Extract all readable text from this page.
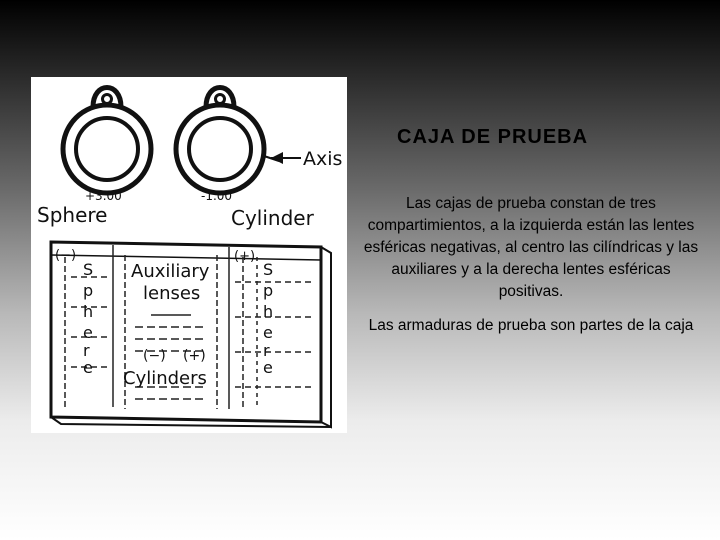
Axis
+3.00	-1.00
Sphere	Cylinder
(−)	(+)
S
p
h
e
r
e
S
p
h
e
r
e
Auxiliary
lenses
(−) (+)
Cylinders
CAJA DE PRUEBA
Las cajas de prueba constan de tres compartimientos, a la izquierda están las lentes esféricas negativas, al centro las cilíndricas y las auxiliares y a la derecha lentes esféricas positivas.
Las armaduras de prueba son partes de la caja
